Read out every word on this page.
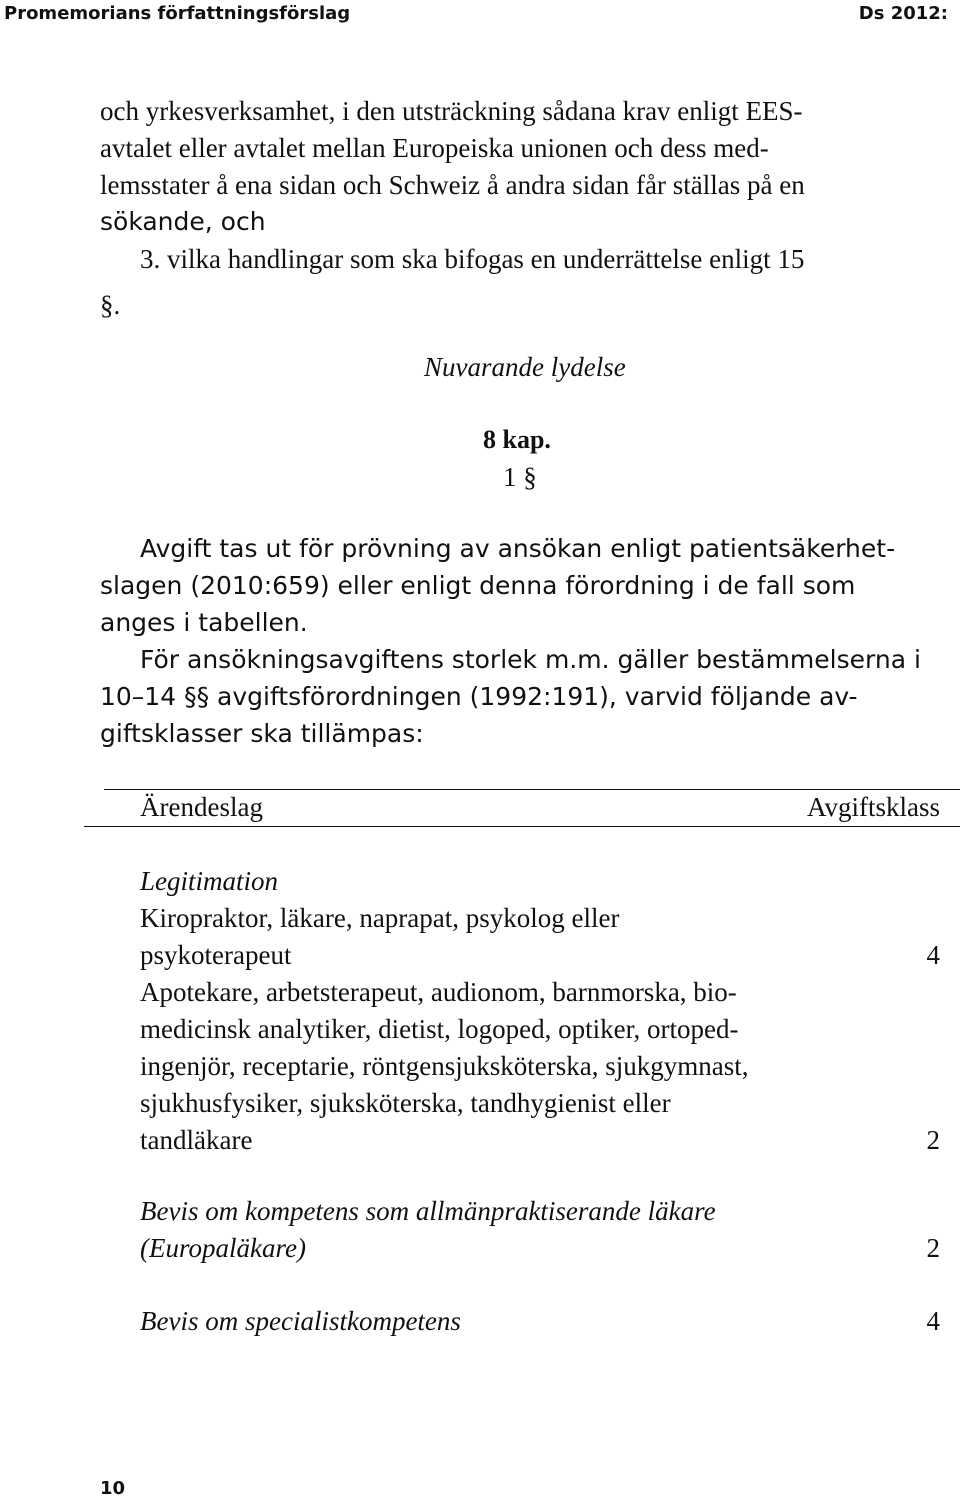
Promemorians författningsförslag	Ds 2012:
och yrkesverksamhet, i den utsträckning sådana krav enligt EES-
avtalet eller avtalet mellan Europeiska unionen och dess med-
lemsstater å ena sidan och Schweiz å andra sidan får ställas på en
sökande, och
3. vilka handlingar som ska bifogas en underrättelse enligt 15
§.
Nuvarande lydelse
8 kap.
1 §
Avgift tas ut för prövning av ansökan enligt patientsäkerhet-
slagen (2010:659) eller enligt denna förordning i de fall som
anges i tabellen.
För ansökningsavgiftens storlek m.m. gäller bestämmelserna i
10–14 §§ avgiftsförordningen (1992:191), varvid följande av-
giftsklasser ska tillämpas:
Ärendeslag	Avgiftsklass
Legitimation
Kiropraktor, läkare, naprapat, psykolog eller
psykoterapeut	4
Apotekare, arbetsterapeut, audionom, barnmorska, bio-
medicinsk analytiker, dietist, logoped, optiker, ortoped-
ingenjör, receptarie, röntgensjuksköterska, sjukgymnast,
sjukhusfysiker, sjuksköterska, tandhygienist eller
tandläkare	2
Bevis om kompetens som allmänpraktiserande läkare
(Europaläkare)	2
Bevis om specialistkompetens	4
10
